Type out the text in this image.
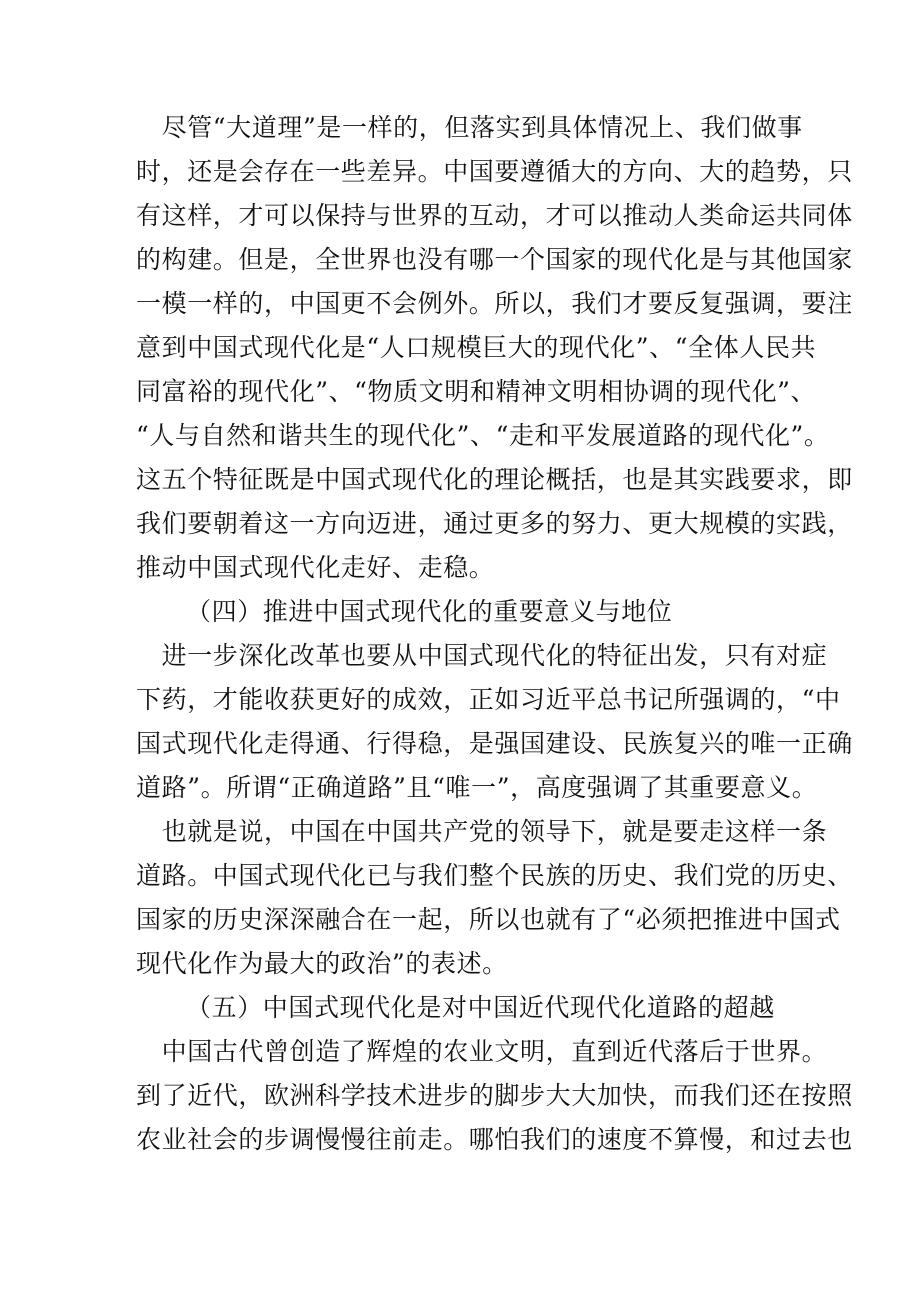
　尽管“大道理”是一样的，但落实到具体情况上、我们做事
时，还是会存在一些差异。中国要遵循大的方向、大的趋势，只
有这样，才可以保持与世界的互动，才可以推动人类命运共同体
的构建。但是，全世界也没有哪一个国家的现代化是与其他国家
一模一样的，中国更不会例外。所以，我们才要反复强调，要注
意到中国式现代化是“人口规模巨大的现代化”、“全体人民共
同富裕的现代化”、“物质文明和精神文明相协调的现代化”、
“人与自然和谐共生的现代化”、“走和平发展道路的现代化”。
这五个特征既是中国式现代化的理论概括，也是其实践要求，即
我们要朝着这一方向迈进，通过更多的努力、更大规模的实践，
推动中国式现代化走好、走稳。
（四）推进中国式现代化的重要意义与地位
　进一步深化改革也要从中国式现代化的特征出发，只有对症
下药，才能收获更好的成效，正如习近平总书记所强调的，“中
国式现代化走得通、行得稳，是强国建设、民族复兴的唯一正确
道路”。所谓“正确道路”且“唯一”，高度强调了其重要意义。
　也就是说，中国在中国共产党的领导下，就是要走这样一条
道路。中国式现代化已与我们整个民族的历史、我们党的历史、
国家的历史深深融合在一起，所以也就有了“必须把推进中国式
现代化作为最大的政治”的表述。
（五）中国式现代化是对中国近代现代化道路的超越
　中国古代曾创造了辉煌的农业文明，直到近代落后于世界。
到了近代，欧洲科学技术进步的脚步大大加快，而我们还在按照
农业社会的步调慢慢往前走。哪怕我们的速度不算慢，和过去也
